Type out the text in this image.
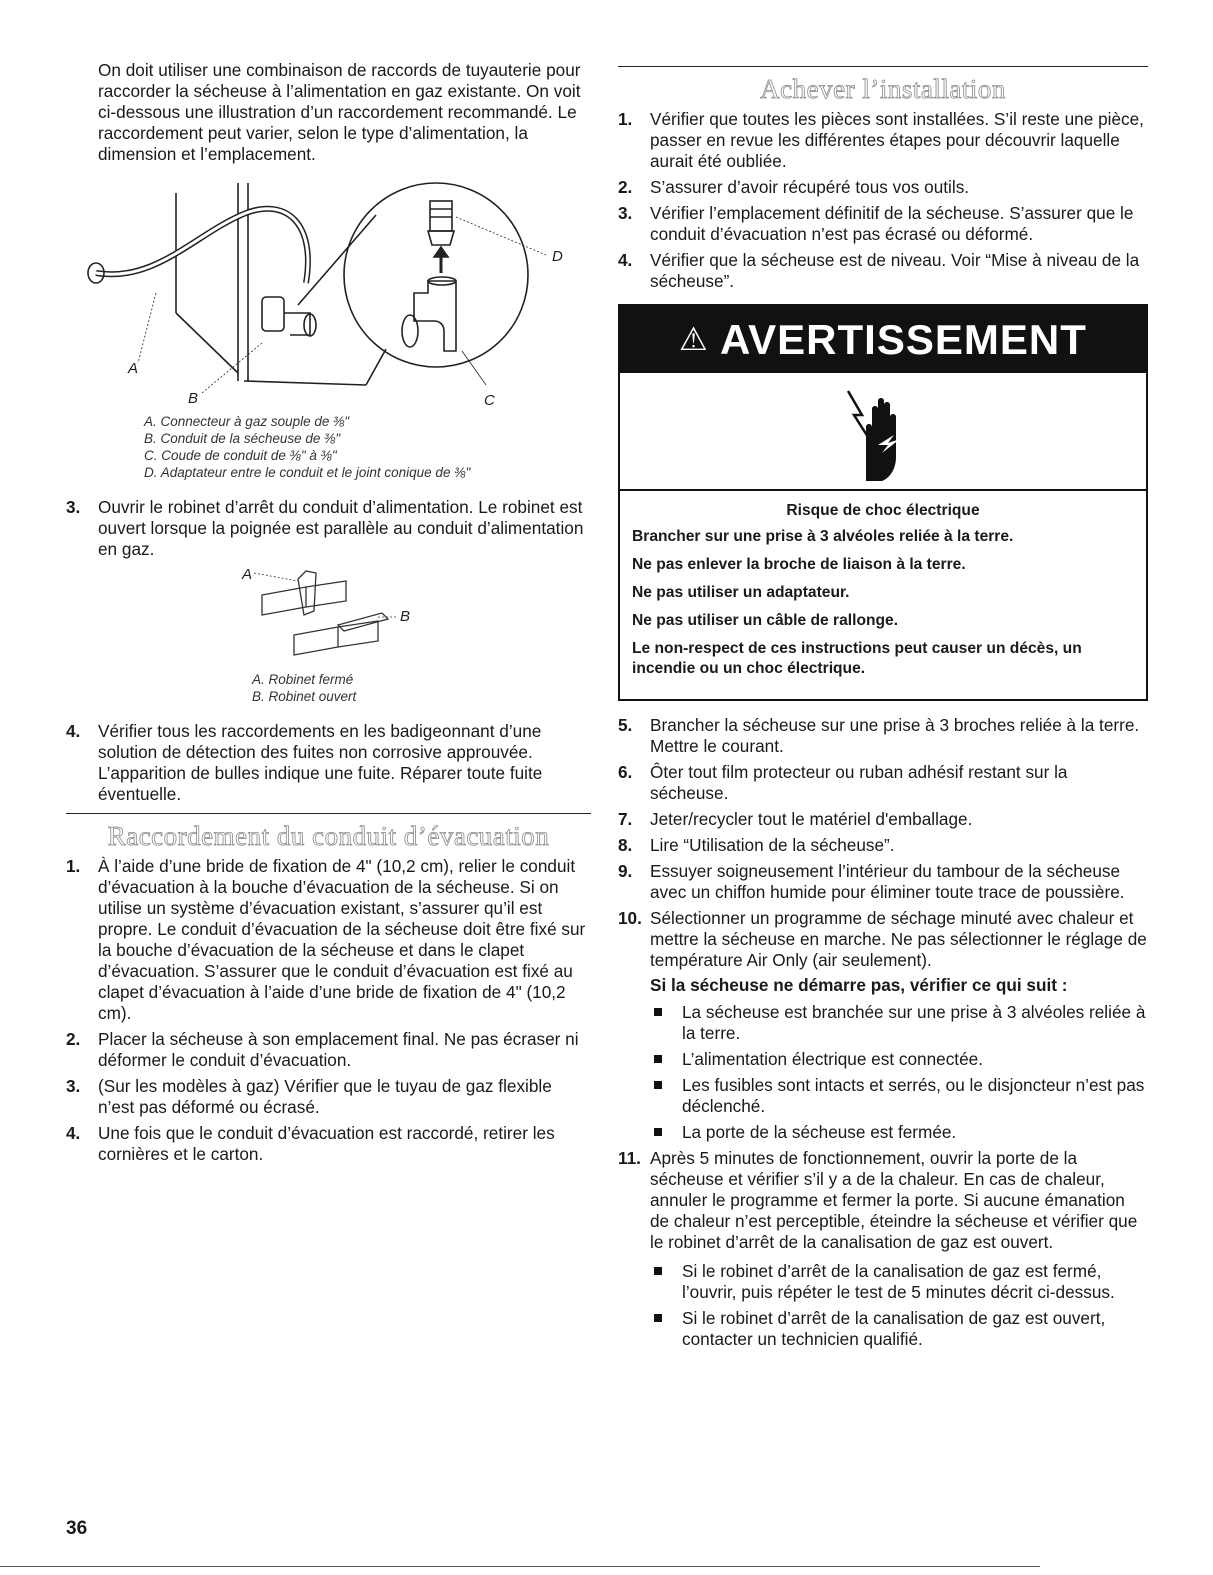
On doit utiliser une combinaison de raccords de tuyauterie pour raccorder la sécheuse à l’alimentation en gaz existante. On voit ci-dessous une illustration d’un raccordement recommandé. Le raccordement peut varier, selon le type d’alimentation, la dimension et l’emplacement.

A
B	C
D
A. Connecteur à gaz souple de ⅜"
B. Conduit de la sécheuse de ⅜"
C. Coude de conduit de ⅜" à ⅜"
D. Adaptateur entre le conduit et le joint conique de ⅜"
3.	Ouvrir le robinet d’arrêt du conduit d’alimentation. Le robinet est ouvert lorsque la poignée est parallèle au conduit d’alimentation en gaz.
A
B
A. Robinet fermé
B. Robinet ouvert
4.	Vérifier tous les raccordements en les badigeonnant d’une solution de détection des fuites non corrosive approuvée. L’apparition de bulles indique une fuite. Réparer toute fuite éventuelle.
Raccordement du conduit d’évacuation
1.	À l’aide d’une bride de fixation de 4" (10,2 cm), relier le conduit d’évacuation à la bouche d’évacuation de la sécheuse. Si on utilise un système d’évacuation existant, s’assurer qu’il est propre. Le conduit d’évacuation de la sécheuse doit être fixé sur la bouche d’évacuation de la sécheuse et dans le clapet d’évacuation. S’assurer que le conduit d’évacuation est fixé au clapet d’évacuation à l’aide d’une bride de fixation de 4" (10,2 cm).
2.	Placer la sécheuse à son emplacement final. Ne pas écraser ni déformer le conduit d’évacuation.
3.	(Sur les modèles à gaz) Vérifier que le tuyau de gaz flexible n’est pas déformé ou écrasé.
4.	Une fois que le conduit d’évacuation est raccordé, retirer les cornières et le carton.
Achever l’installation
1.	Vérifier que toutes les pièces sont installées. S’il reste une pièce, passer en revue les différentes étapes pour découvrir laquelle aurait été oubliée.
2.	S’assurer d’avoir récupéré tous vos outils.
3.	Vérifier l’emplacement définitif de la sécheuse. S’assurer que le conduit d’évacuation n’est pas écrasé ou déformé.
4.	Vérifier que la sécheuse est de niveau. Voir “Mise à niveau de la sécheuse”.
⚠ AVERTISSEMENT
Risque de choc électrique
Brancher sur une prise à 3 alvéoles reliée à la terre.
Ne pas enlever la broche de liaison à la terre.
Ne pas utiliser un adaptateur.
Ne pas utiliser un câble de rallonge.
Le non-respect de ces instructions peut causer un décès, un incendie ou un choc électrique.
5.	Brancher la sécheuse sur une prise à 3 broches reliée à la terre. Mettre le courant.
6.	Ôter tout film protecteur ou ruban adhésif restant sur la sécheuse.
7.	Jeter/recycler tout le matériel d'emballage.
8.	Lire “Utilisation de la sécheuse”.
9.	Essuyer soigneusement l’intérieur du tambour de la sécheuse avec un chiffon humide pour éliminer toute trace de poussière.
10. Sélectionner un programme de séchage minuté avec chaleur et mettre la sécheuse en marche. Ne pas sélectionner le réglage de température Air Only (air seulement).
Si la sécheuse ne démarre pas, vérifier ce qui suit :
La sécheuse est branchée sur une prise à 3 alvéoles reliée à la terre.
L’alimentation électrique est connectée.
Les fusibles sont intacts et serrés, ou le disjoncteur n’est pas déclenché.
La porte de la sécheuse est fermée.
11. Après 5 minutes de fonctionnement, ouvrir la porte de la sécheuse et vérifier s’il y a de la chaleur. En cas de chaleur, annuler le programme et fermer la porte. Si aucune émanation de chaleur n’est perceptible, éteindre la sécheuse et vérifier que le robinet d’arrêt de la canalisation de gaz est ouvert.
Si le robinet d’arrêt de la canalisation de gaz est fermé, l’ouvrir, puis répéter le test de 5 minutes décrit ci-dessus.
Si le robinet d’arrêt de la canalisation de gaz est ouvert, contacter un technicien qualifié.
36
